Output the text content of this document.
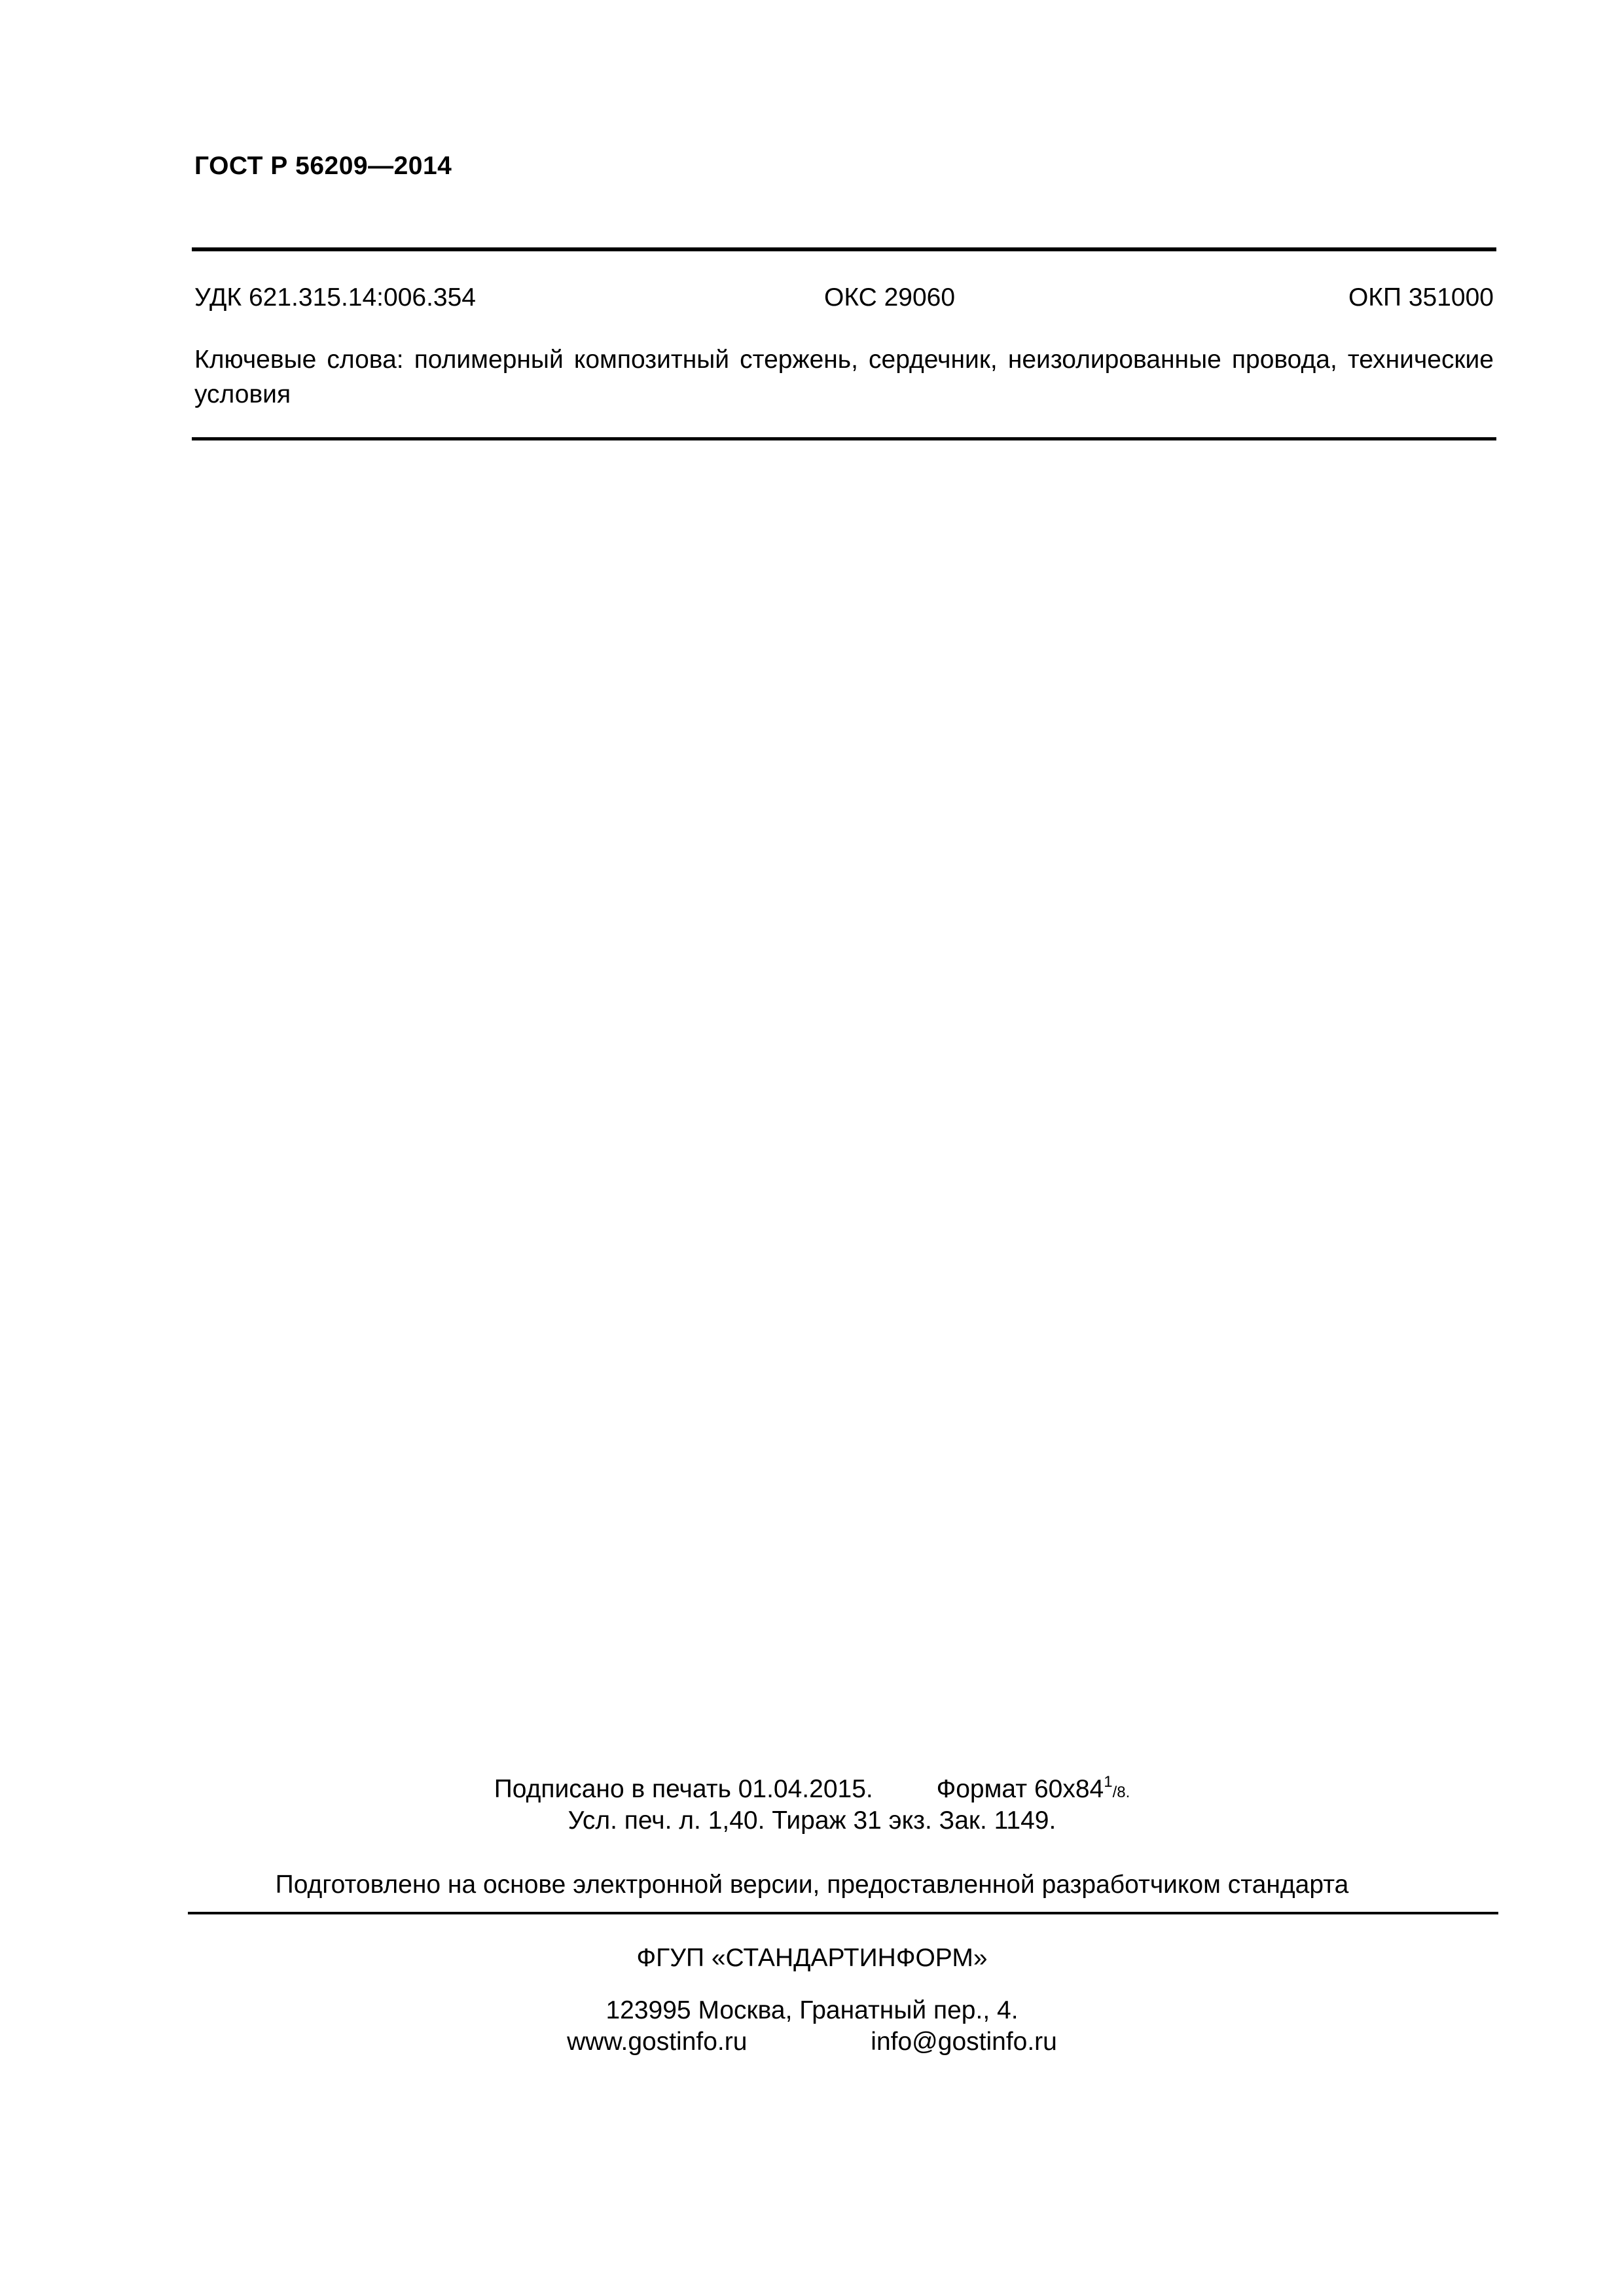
ГОСТ Р 56209—2014
УДК 621.315.14:006.354	ОКС 29060	ОКП 351000
Ключевые слова: полимерный композитный стержень, сердечник, неизолированные провода, технические условия
Подписано в печать 01.04.2015. Формат $60x84^1/8$.
Усл. печ. л. 1,40. Тираж 31 экз. Зак. 1149.
Подготовлено на основе электронной версии, предоставленной разработчиком стандарта
ФГУП «СТАНДАРТИНФОРМ»
123995 Москва, Гранатный пер., 4.
www.gostinfo.ru	info@gostinfo.ru
